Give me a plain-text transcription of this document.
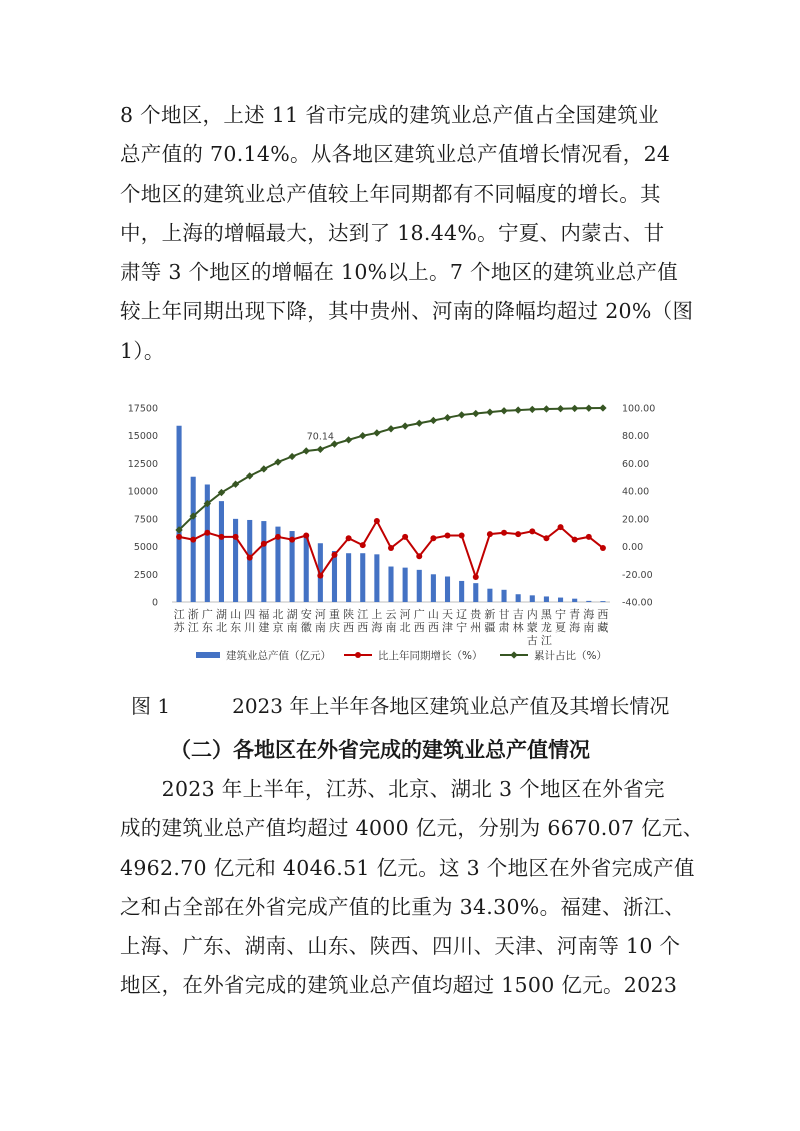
8 个地区，上述 11 省市完成的建筑业总产值占全国建筑业
总产值的 70.14%。从各地区建筑业总产值增长情况看，24
个地区的建筑业总产值较上年同期都有不同幅度的增长。其
中，上海的增幅最大，达到了 18.44%。宁夏、内蒙古、甘
肃等 3 个地区的增幅在 10%以上。7 个地区的建筑业总产值
较上年同期出现下降，其中贵州、河南的降幅均超过 20%（图
1）。
0
2500
5000
7500
10000
12500
15000
17500
-40.00
-20.00
0.00
20.00
40.00
60.00
80.00
100.00
70.14
江苏
浙江
广东
湖北
山东
四川
福建
北京
湖南
安徽
河南
重庆
陕西
江西
上海
云南
河北
广西
山西
天津
辽宁
贵州
新疆
甘肃
吉林
内蒙古
黑龙江
宁夏
青海
海南
西藏
建筑业总产值（亿元）	比上年同期增长（%）	累计占比（%）
图 1	2023 年上半年各地区建筑业总产值及其增长情况
（二）各地区在外省完成的建筑业总产值情况
　　2023 年上半年，江苏、北京、湖北 3 个地区在外省完
成的建筑业总产值均超过 4000 亿元，分别为 6670.07 亿元、
4962.70 亿元和 4046.51 亿元。这 3 个地区在外省完成产值
之和占全部在外省完成产值的比重为 34.30%。福建、浙江、
上海、广东、湖南、山东、陕西、四川、天津、河南等 10 个
地区，在外省完成的建筑业总产值均超过 1500 亿元。2023
